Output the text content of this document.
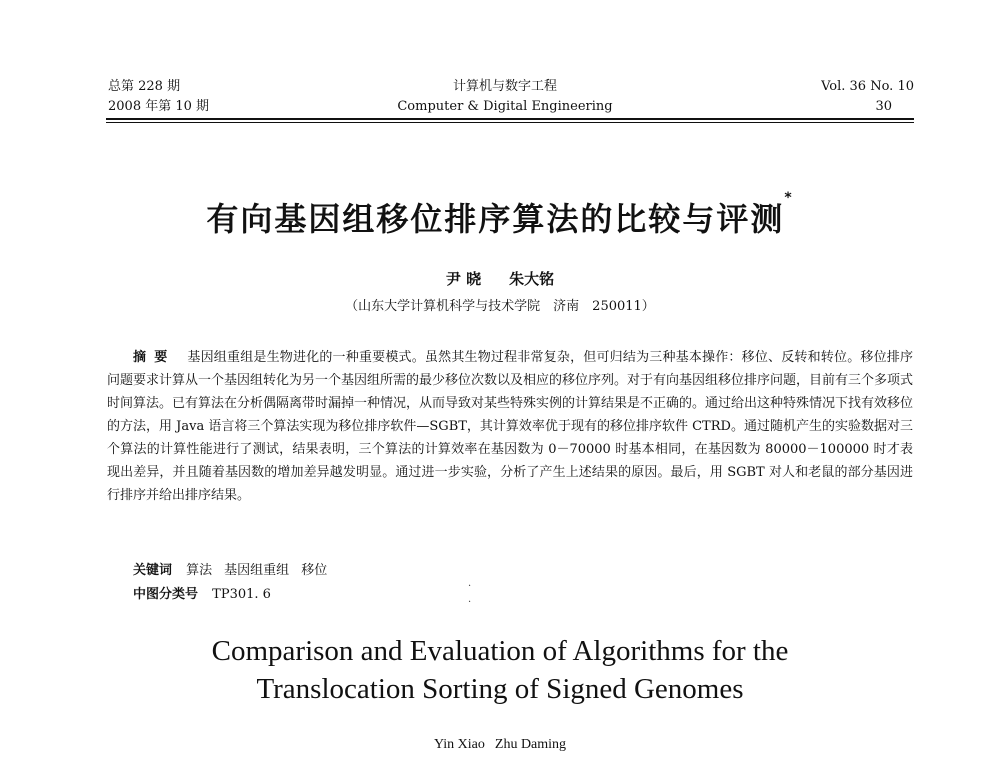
总第 228 期
2008 年第 10 期
计算机与数字工程
Computer & Digital Engineering
Vol. 36 No. 10
30
有向基因组移位排序算法的比较与评测*
尹 晓 朱大铭
（山东大学计算机科学与技术学院　济南　250011）

摘要 基因组重组是生物进化的一种重要模式。虽然其生物过程非常复杂，但可归结为三种基本操作：移位、反转和转位。移位排序问题要求计算从一个基因组转化为另一个基因组所需的最少移位次数以及相应的移位序列。对于有向基因组移位排序问题，目前有三个多项式时间算法。已有算法在分析偶隔离带时漏掉一种情况，从而导致对某些特殊实例的计算结果是不正确的。通过给出这种特殊情况下找有效移位的方法，用 Java 语言将三个算法实现为移位排序软件—SGBT，其计算效率优于现有的移位排序软件 CTRD。通过随机产生的实验数据对三个算法的计算性能进行了测试，结果表明，三个算法的计算效率在基因数为 0－70000 时基本相同，在基因数为 80000－100000 时才表现出差异，并且随着基因数的增加差异越发明显。通过进一步实验，分析了产生上述结果的原因。最后，用 SGBT 对人和老鼠的部分基因进行排序并给出排序结果。

关键词 算法 基因组重组 移位
中图分类号 TP301. 6
·
·
Comparison and Evaluation of Algorithms for the
Translocation Sorting of Signed Genomes
Yin Xiao Zhu Daming
